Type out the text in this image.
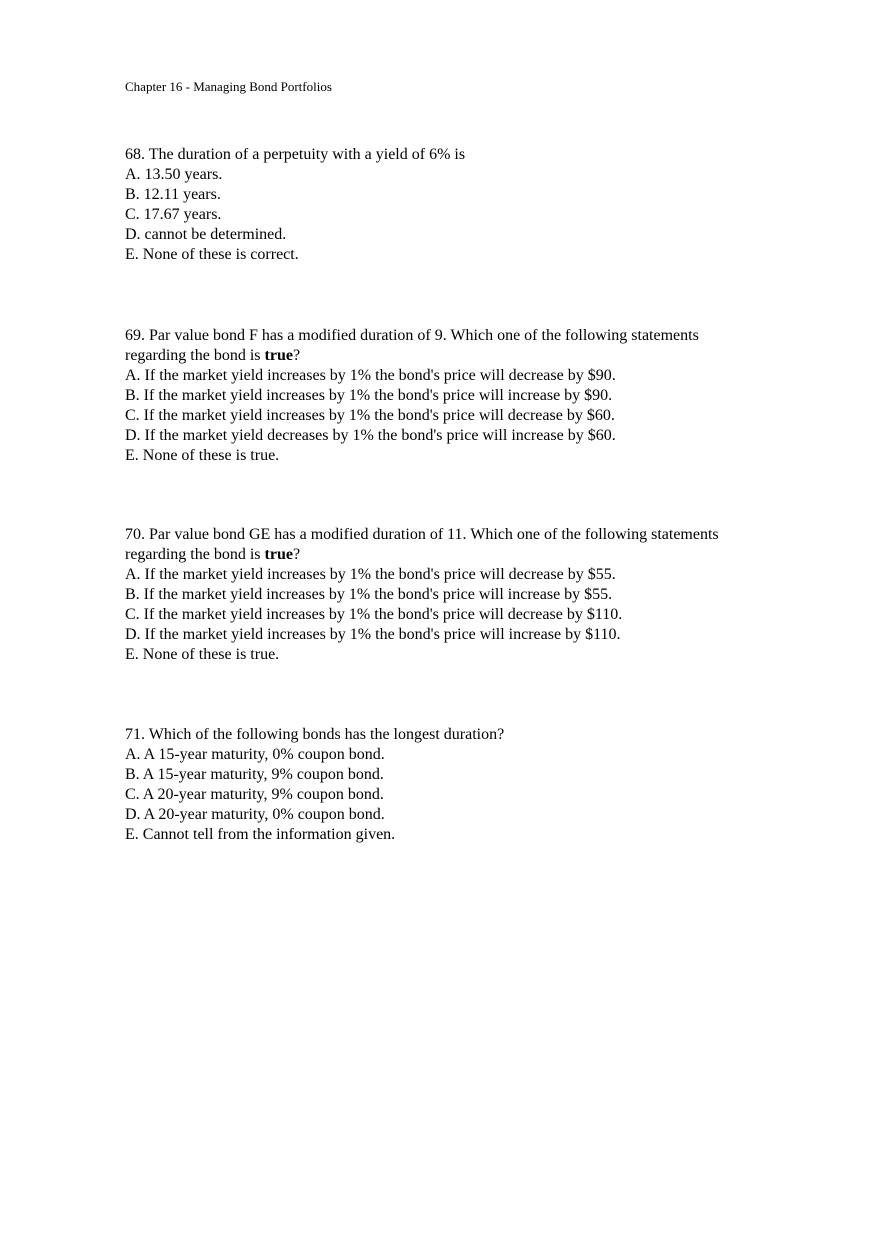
Chapter 16 - Managing Bond Portfolios

68. The duration of a perpetuity with a yield of 6% is

A. 13.50 years.

B. 12.11 years.

C. 17.67 years.

D. cannot be determined.

E. None of these is correct.

69. Par value bond F has a modified duration of 9. Which one of the following statements

regarding the bond is true?

A. If the market yield increases by 1% the bond's price will decrease by $90.

B. If the market yield increases by 1% the bond's price will increase by $90.

C. If the market yield increases by 1% the bond's price will decrease by $60.

D. If the market yield decreases by 1% the bond's price will increase by $60.

E. None of these is true.

70. Par value bond GE has a modified duration of 11. Which one of the following statements

regarding the bond is true?

A. If the market yield increases by 1% the bond's price will decrease by $55.

B. If the market yield increases by 1% the bond's price will increase by $55.

C. If the market yield increases by 1% the bond's price will decrease by $110.

D. If the market yield increases by 1% the bond's price will increase by $110.

E. None of these is true.

71. Which of the following bonds has the longest duration?

A. A 15-year maturity, 0% coupon bond.

B. A 15-year maturity, 9% coupon bond.

C. A 20-year maturity, 9% coupon bond.

D. A 20-year maturity, 0% coupon bond.

E. Cannot tell from the information given.
